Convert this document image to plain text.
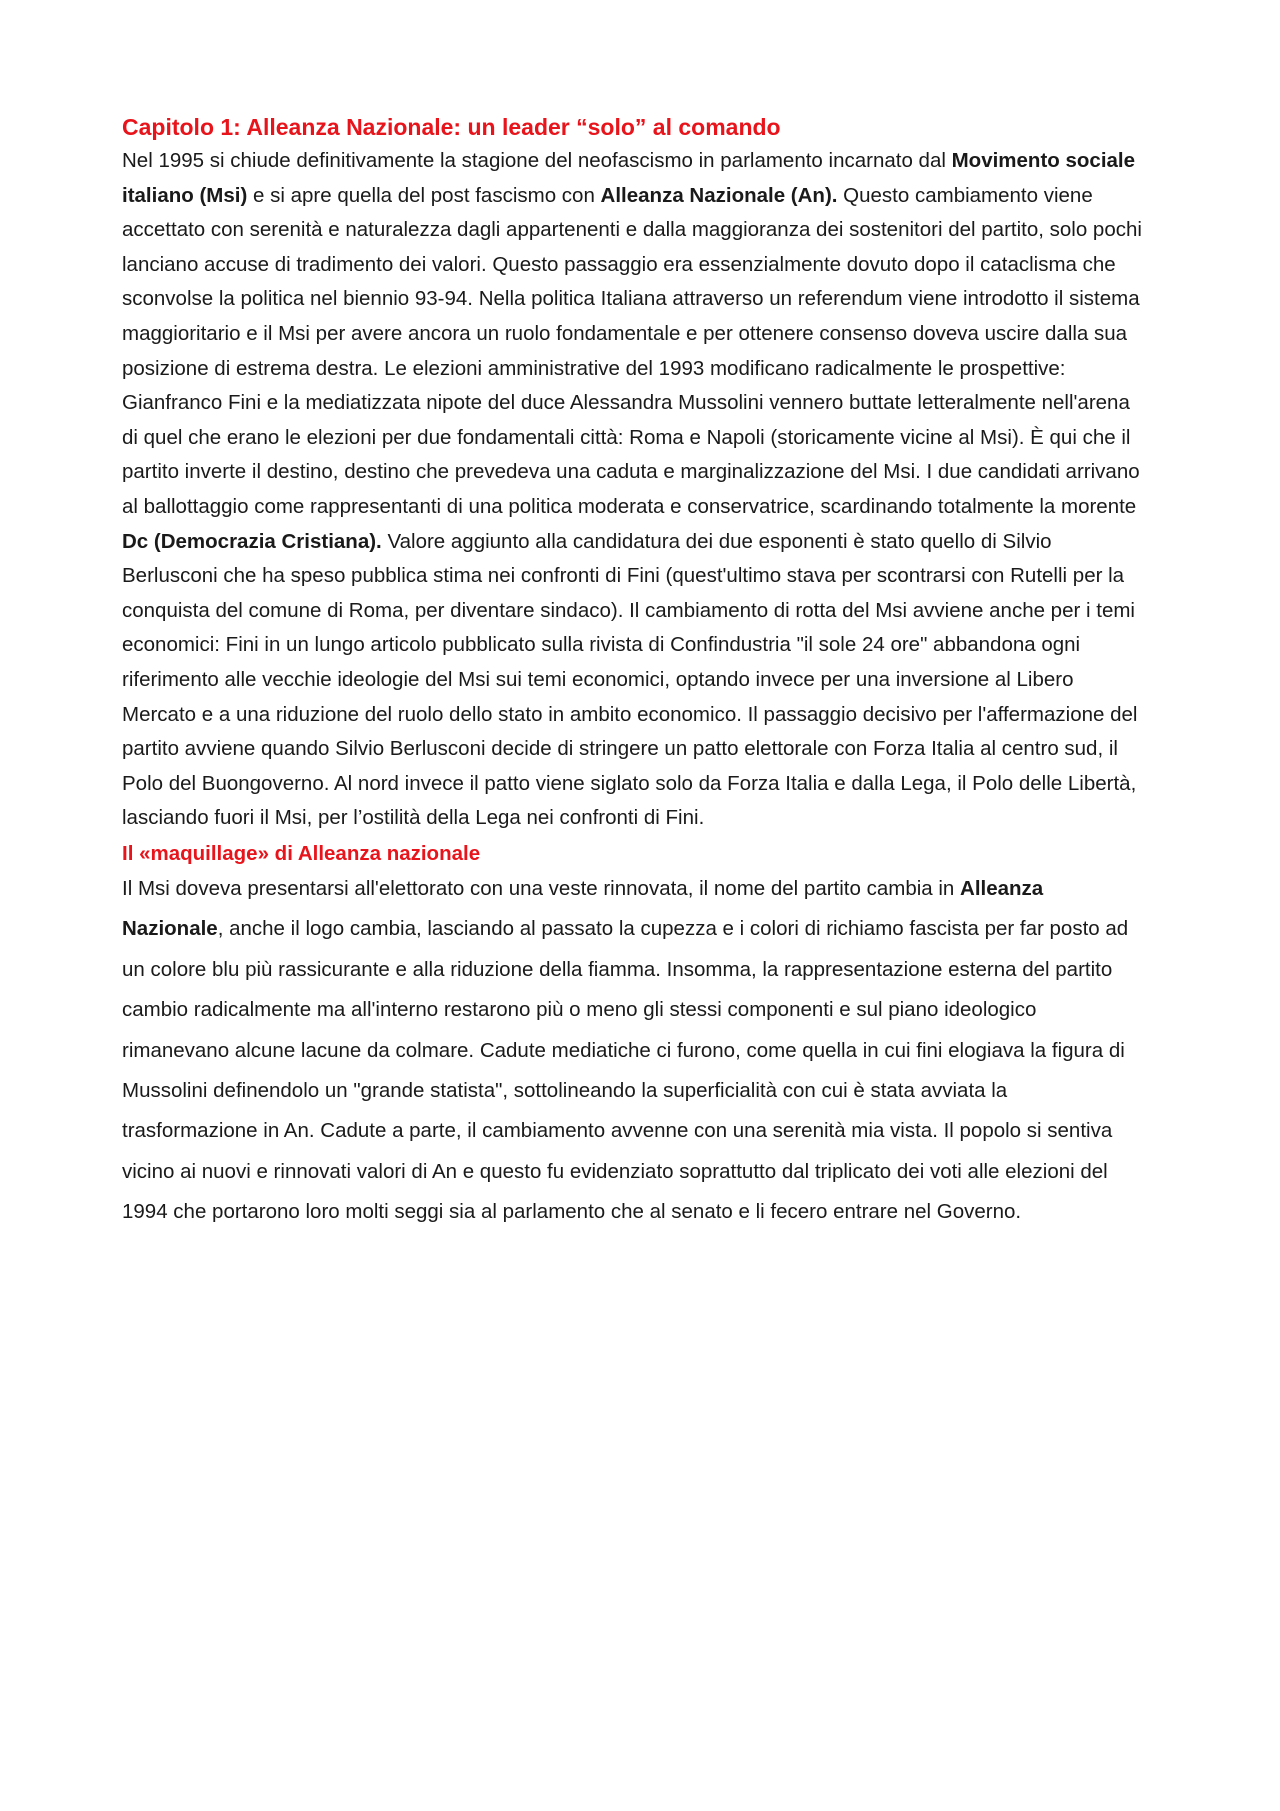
Capitolo 1: Alleanza Nazionale: un leader “solo” al comando

Nel 1995 si chiude definitivamente la stagione del neofascismo in parlamento incarnato dal Movimento sociale italiano (Msi) e si apre quella del post fascismo con Alleanza Nazionale (An). Questo cambiamento viene accettato con serenità e naturalezza dagli appartenenti e dalla maggioranza dei sostenitori del partito, solo pochi lanciano accuse di tradimento dei valori. Questo passaggio era essenzialmente dovuto dopo il cataclisma che sconvolse la politica nel biennio 93-94. Nella politica Italiana attraverso un referendum viene introdotto il sistema maggioritario e il Msi per avere ancora un ruolo fondamentale e per ottenere consenso doveva uscire dalla sua posizione di estrema destra. Le elezioni amministrative del 1993 modificano radicalmente le prospettive: Gianfranco Fini e la mediatizzata nipote del duce Alessandra Mussolini vennero buttate letteralmente nell'arena di quel che erano le elezioni per due fondamentali città: Roma e Napoli (storicamente vicine al Msi). È qui che il partito inverte il destino, destino che prevedeva una caduta e marginalizzazione del Msi. I due candidati arrivano al ballottaggio come rappresentanti di una politica moderata e conservatrice, scardinando totalmente la morente Dc (Democrazia Cristiana). Valore aggiunto alla candidatura dei due esponenti è stato quello di Silvio Berlusconi che ha speso pubblica stima nei confronti di Fini (quest'ultimo stava per scontrarsi con Rutelli per la conquista del comune di Roma, per diventare sindaco). Il cambiamento di rotta del Msi avviene anche per i temi economici: Fini in un lungo articolo pubblicato sulla rivista di Confindustria "il sole 24 ore" abbandona ogni riferimento alle vecchie ideologie del Msi sui temi economici, optando invece per una inversione al Libero Mercato e a una riduzione del ruolo dello stato in ambito economico. Il passaggio decisivo per l'affermazione del partito avviene quando Silvio Berlusconi decide di stringere un patto elettorale con Forza Italia al centro sud, il Polo del Buongoverno. Al nord invece il patto viene siglato solo da Forza Italia e dalla Lega, il Polo delle Libertà, lasciando fuori il Msi, per l’ostilità della Lega nei confronti di Fini.

Il «maquillage» di Alleanza nazionale

Il Msi doveva presentarsi all'elettorato con una veste rinnovata, il nome del partito cambia in Alleanza Nazionale, anche il logo cambia, lasciando al passato la cupezza e i colori di richiamo fascista per far posto ad un colore blu più rassicurante e alla riduzione della fiamma. Insomma, la rappresentazione esterna del partito cambio radicalmente ma all'interno restarono più o meno gli stessi componenti e sul piano ideologico rimanevano alcune lacune da colmare. Cadute mediatiche ci furono, come quella in cui fini elogiava la figura di Mussolini definendolo un "grande statista", sottolineando la superficialità con cui è stata avviata la trasformazione in An. Cadute a parte, il cambiamento avvenne con una serenità mia vista. Il popolo si sentiva vicino ai nuovi e rinnovati valori di An e questo fu evidenziato soprattutto dal triplicato dei voti alle elezioni del 1994 che portarono loro molti seggi sia al parlamento che al senato e li fecero entrare nel Governo.
